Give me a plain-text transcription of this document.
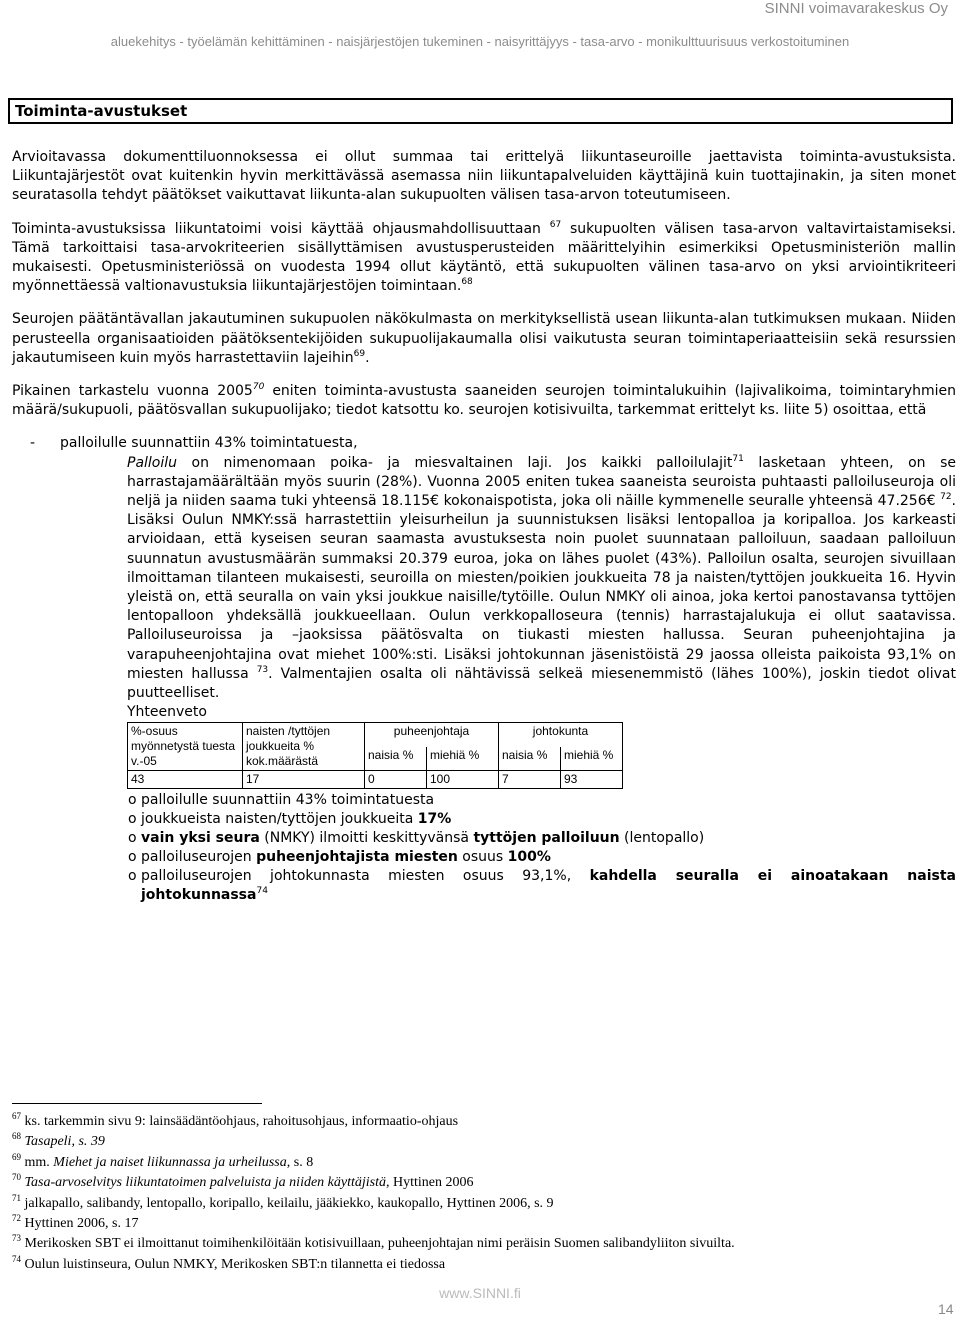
SINNI voimavarakeskus Oy
aluekehitys - työelämän kehittäminen - naisjärjestöjen tukeminen - naisyrittäjyys - tasa-arvo - monikulttuurisuus verkostoituminen
Toiminta-avustukset

Arvioitavassa dokumenttiluonnoksessa ei ollut summaa tai erittelyä liikuntaseuroille jaettavista toiminta-avustuksista. Liikuntajärjestöt ovat kuitenkin hyvin merkittävässä asemassa niin liikuntapalveluiden käyttäjinä kuin tuottajinakin, ja siten monet seuratasolla tehdyt päätökset vaikuttavat liikunta-alan sukupuolten välisen tasa-arvon toteutumiseen.

Toiminta-avustuksissa liikuntatoimi voisi käyttää ohjausmahdollisuuttaan $^{67}$ sukupuolten välisen tasa-arvon valtavirtaistamiseksi. Tämä tarkoittaisi tasa-arvokriteerien sisällyttämisen avustusperusteiden määrittelyihin esimerkiksi Opetusministeriön mallin mukaisesti. Opetusministeriössä on vuodesta 1994 ollut käytäntö, että sukupuolten välinen tasa-arvo on yksi arviointikriteeri myönnettäessä valtionavustuksia liikuntajärjestöjen toimintaan.$^{68}$

Seurojen päätäntävallan jakautuminen sukupuolen näkökulmasta on merkityksellistä usean liikunta-alan tutkimuksen mukaan. Niiden perusteella organisaatioiden päätöksentekijöiden sukupuolijakaumalla olisi vaikutusta seuran toimintaperiaatteisiin sekä resurssien jakautumiseen kuin myös harrastettaviin lajeihin$^{69}$.

Pikainen tarkastelu vuonna 2005$^{70}$ eniten toiminta-avustusta saaneiden seurojen toimintalukuihin (lajivalikoima, toimintaryhmien määrä/sukupuoli, päätösvallan sukupuolijako; tiedot katsottu ko. seurojen kotisivuilta, tarkemmat erittelyt ks. liite 5) osoittaa, että

-	palloilulle suunnattiin 43% toimintatuesta,
Palloilu on nimenomaan poika- ja miesvaltainen laji. Jos kaikki palloilulajit$^{71}$ lasketaan yhteen, on se harrastajamäärältään myös suurin (28%). Vuonna 2005 eniten tukea saaneista seuroista puhtaasti palloiluseuroja oli neljä ja niiden saama tuki yhteensä 18.115€ kokonaispotista, joka oli näille kymmenelle seuralle yhteensä 47.256€ $^{72}$. Lisäksi Oulun NMKY:ssä harrastettiin yleisurheilun ja suunnistuksen lisäksi lentopalloa ja koripalloa. Jos karkeasti arvioidaan, että kyseisen seuran saamasta avustuksesta noin puolet suunnataan palloiluun, saadaan palloiluun suunnatun avustusmäärän summaksi 20.379 euroa, joka on lähes puolet (43%). Palloilun osalta, seurojen sivuillaan ilmoittaman tilanteen mukaisesti, seuroilla on miesten/poikien joukkueita 78 ja naisten/tyttöjen joukkueita 16. Hyvin yleistä on, että seuralla on vain yksi joukkue naisille/tytöille. Oulun NMKY oli ainoa, joka kertoi panostavansa tyttöjen lentopalloon yhdeksällä joukkueellaan. Oulun verkkopalloseura (tennis) harrastajalukuja ei ollut saatavissa. Palloiluseuroissa ja –jaoksissa päätösvalta on tiukasti miesten hallussa. Seuran puheenjohtajina ja varapuheenjohtajina ovat miehet 100%:sti. Lisäksi johtokunnan jäsenistöistä 29 jaossa olleista paikoista 93,1% on miesten hallussa $^{73}$. Valmentajien osalta oli nähtävissä selkeä miesenemmistö (lähes 100%), joskin tiedot olivat puutteelliset.
Yhteenveto
%-osuus myönnetystä tuesta v.-05	naisten /tyttöjen joukkueita % kok.määrästä	puheenjohtaja		johtokunta	
		naisia %	miehiä %	naisia %	miehiä %
43	17	0	100	7	93
o palloilulle suunnattiin 43% toimintatuesta
o joukkueista naisten/tyttöjen joukkueita 17%
o vain yksi seura (NMKY) ilmoitti keskittyvänsä tyttöjen palloiluun (lentopallo)
o palloiluseurojen puheenjohtajista miesten osuus 100%
o palloiluseurojen johtokunnasta miesten osuus 93,1%, kahdella seuralla ei ainoatakaan naista johtokunnassa$^{74}$
$^{67}$ ks. tarkemmin sivu 9: lainsäädäntöohjaus, rahoitusohjaus, informaatio-ohjaus
$^{68}$ Tasapeli, s. 39
$^{69}$ mm. Miehet ja naiset liikunnassa ja urheilussa, s. 8
$^{70}$ Tasa-arvoselvitys liikuntatoimen palveluista ja niiden käyttäjistä, Hyttinen 2006
$^{71}$ jalkapallo, salibandy, lentopallo, koripallo, keilailu, jääkiekko, kaukopallo, Hyttinen 2006, s. 9
$^{72}$ Hyttinen 2006, s. 17
$^{73}$ Merikosken SBT ei ilmoittanut toimihenkilöitään kotisivuillaan, puheenjohtajan nimi peräisin Suomen salibandyliiton sivuilta.
$^{74}$ Oulun luistinseura, Oulun NMKY, Merikosken SBT:n tilannetta ei tiedossa
www.SINNI.fi
14
